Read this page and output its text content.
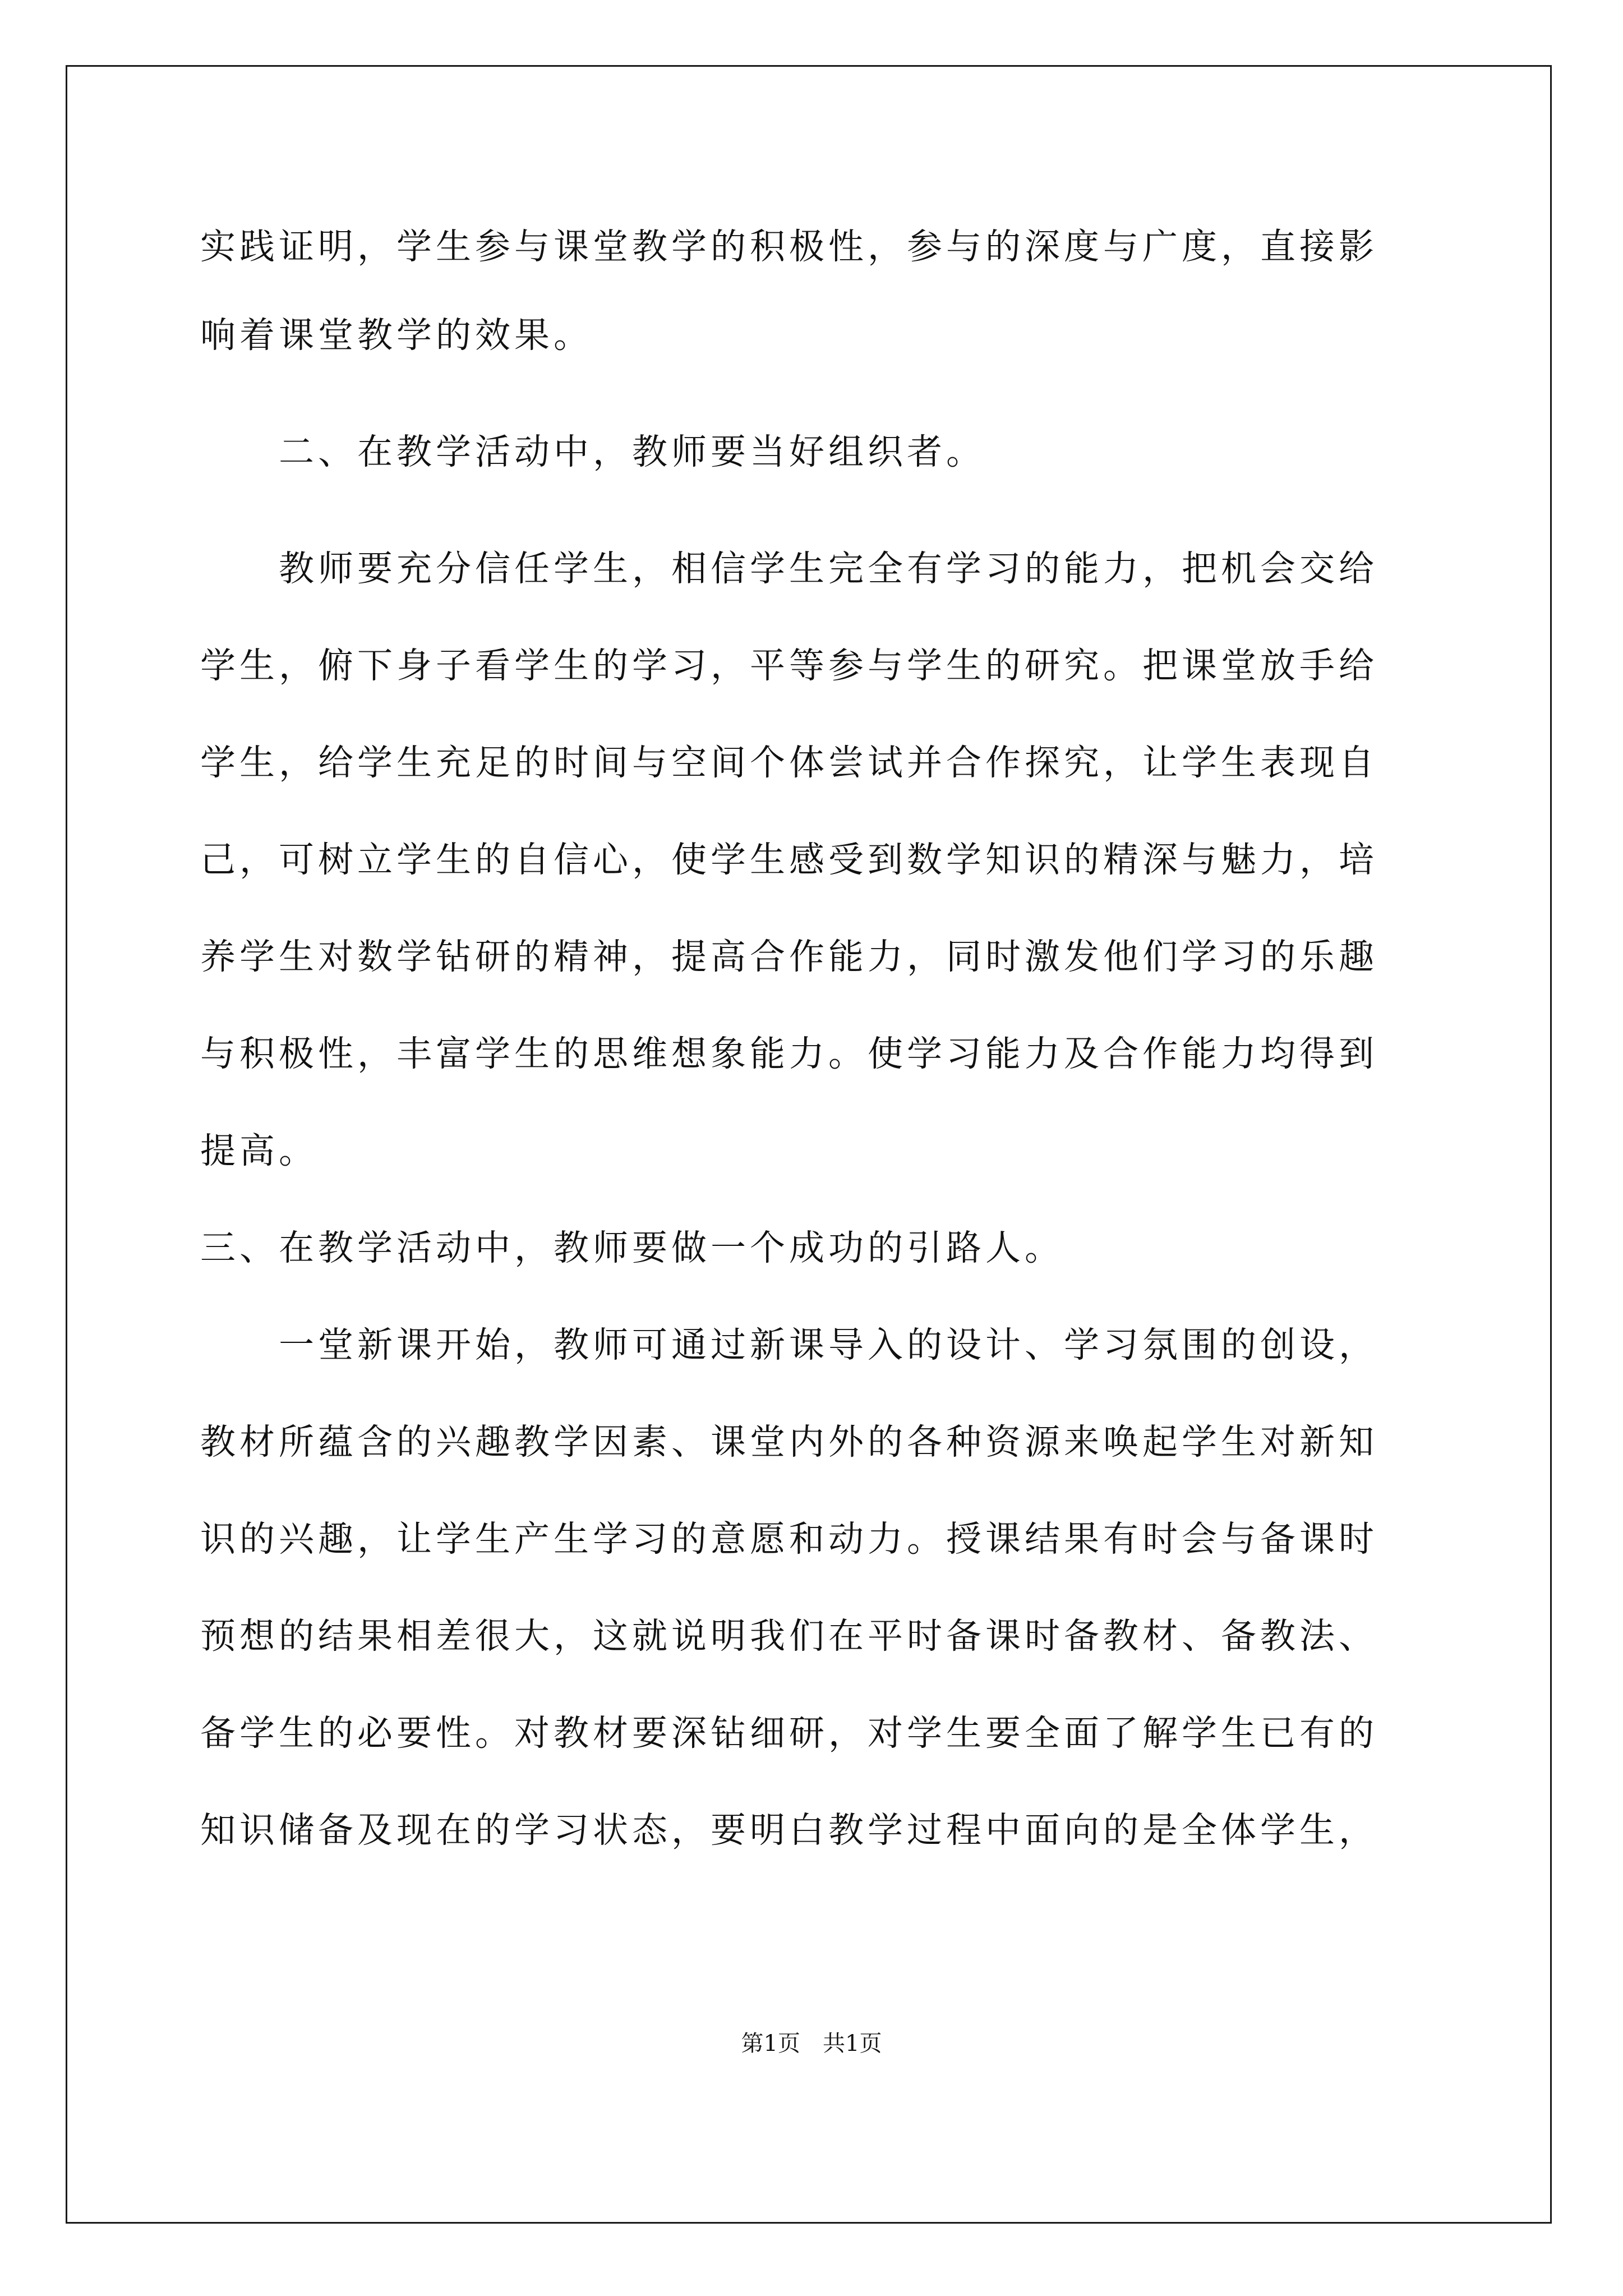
实践证明，学生参与课堂教学的积极性，参与的深度与广度，直接影
响着课堂教学的效果。
　　二、在教学活动中，教师要当好组织者。
　　教师要充分信任学生，相信学生完全有学习的能力，把机会交给
学生，俯下身子看学生的学习，平等参与学生的研究。把课堂放手给
学生，给学生充足的时间与空间个体尝试并合作探究，让学生表现自
己，可树立学生的自信心，使学生感受到数学知识的精深与魅力，培
养学生对数学钻研的精神，提高合作能力，同时激发他们学习的乐趣
与积极性，丰富学生的思维想象能力。使学习能力及合作能力均得到
提高。
三、在教学活动中，教师要做一个成功的引路人。
　　一堂新课开始，教师可通过新课导入的设计、学习氛围的创设，
教材所蕴含的兴趣教学因素、课堂内外的各种资源来唤起学生对新知
识的兴趣，让学生产生学习的意愿和动力。授课结果有时会与备课时
预想的结果相差很大，这就说明我们在平时备课时备教材、备教法、
备学生的必要性。对教材要深钻细研，对学生要全面了解学生已有的
知识储备及现在的学习状态，要明白教学过程中面向的是全体学生，
第1页　共1页
